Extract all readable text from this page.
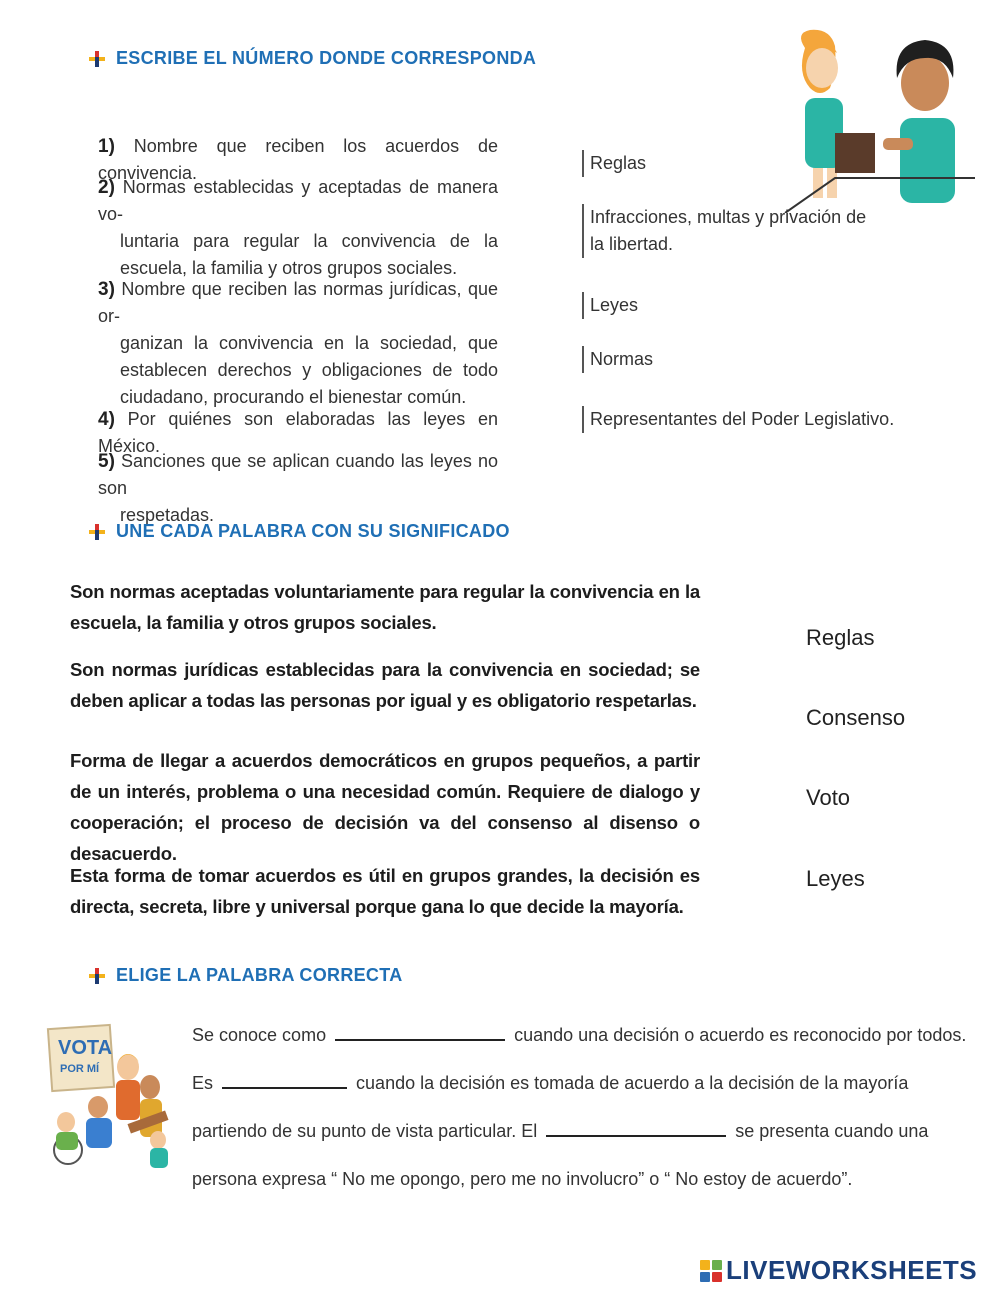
ESCRIBE EL NÚMERO DONDE CORRESPONDA
1) Nombre que reciben los acuerdos de convivencia.
2) Normas establecidas y aceptadas de manera vo-
luntaria para regular la convivencia de la escuela, la familia y otros grupos sociales.
3) Nombre que reciben las normas jurídicas, que or-
ganizan la convivencia en la sociedad, que establecen derechos y obligaciones de todo ciudadano, procurando el bienestar común.
4) Por quiénes son elaboradas las leyes en México.
5) Sanciones que se aplican cuando las leyes no son
respetadas.
Reglas
Infracciones, multas y privación de la libertad.
Leyes
Normas
Representantes del Poder Legislativo.
UNE CADA PALABRA CON SU SIGNIFICADO
Son normas aceptadas voluntariamente para regular la convivencia en la escuela, la familia y otros grupos sociales.
Son normas jurídicas establecidas para la convivencia en sociedad; se deben aplicar a todas las personas por igual y es obligatorio respetarlas.
Forma de llegar a acuerdos democráticos en grupos pequeños, a partir de un interés, problema o una necesidad común. Requiere de dialogo y cooperación; el proceso de decisión va del consenso al disenso o desacuerdo.
Esta forma de tomar acuerdos es útil en grupos grandes, la decisión es directa, secreta, libre y universal porque gana lo que decide la mayoría.
Reglas
Consenso
Voto
Leyes
ELIGE LA PALABRA CORRECTA
VOTA
POR MÍ
Se conoce como	cuando una decisión o acuerdo es reconocido por todos.
Es	cuando la decisión es tomada de acuerdo a la decisión de la mayoría partiendo de su punto de vista particular. El	se presenta cuando una persona expresa “ No me opongo, pero me no involucro” o “ No estoy de acuerdo”.
LIVEWORKSHEETS
